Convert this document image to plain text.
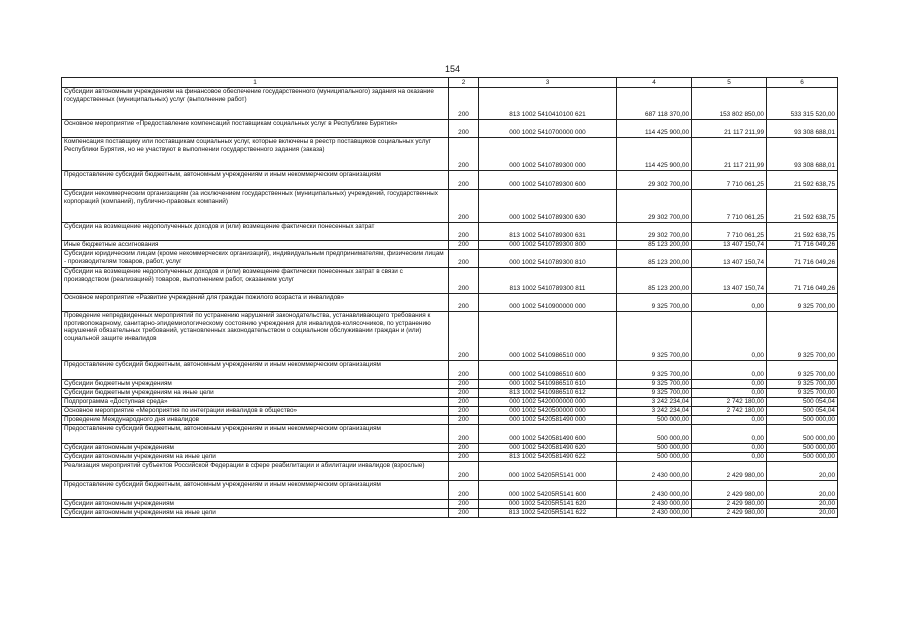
154
1	2	3	4	5	6
Субсидии автономным учреждениям на финансовое обеспечение государственного (муниципального) задания на оказание государственных (муниципальных) услуг (выполнение работ)	200	813 1002 5410410100 621	687 118 370,00	153 802 850,00	533 315 520,00
Основное мероприятие «Предоставление компенсаций поставщикам социальных услуг в Республике Бурятия»	200	000 1002 5410700000 000	114 425 900,00	21 117 211,99	93 308 688,01
Компенсация поставщику или поставщикам социальных услуг, которые включены в реестр поставщиков социальных услуг Республики Бурятия, но не участвуют в выполнении государственного задания (заказа)	200	000 1002 5410789300 000	114 425 900,00	21 117 211,99	93 308 688,01
Предоставление субсидий бюджетным, автономным учреждениям и иным некоммерческим организациям	200	000 1002 5410789300 600	29 302 700,00	7 710 061,25	21 592 638,75
Субсидии некоммерческим организациям (за исключением государственных (муниципальных) учреждений, государственных корпораций (компаний), публично-правовых компаний)	200	000 1002 5410789300 630	29 302 700,00	7 710 061,25	21 592 638,75
Субсидии на возмещение недополученных доходов и (или) возмещение фактически понесенных затрат	200	813 1002 5410789300 631	29 302 700,00	7 710 061,25	21 592 638,75
Иные бюджетные ассигнования	200	000 1002 5410789300 800	85 123 200,00	13 407 150,74	71 716 049,26
Субсидии юридическим лицам (кроме некоммерческих организаций), индивидуальным предпринимателям, физическим лицам - производителям товаров, работ, услуг	200	000 1002 5410789300 810	85 123 200,00	13 407 150,74	71 716 049,26
Субсидии на возмещение недополученных доходов и (или) возмещение фактически понесенных затрат в связи с производством (реализацией) товаров, выполнением работ, оказанием услуг	200	813 1002 5410789300 811	85 123 200,00	13 407 150,74	71 716 049,26
Основное мероприятие «Развитие учреждений для граждан пожилого возраста и инвалидов»	200	000 1002 5410900000 000	9 325 700,00	0,00	9 325 700,00
Проведение непредвиденных мероприятий по устранению нарушений законодательства, устанавливающего требования к противопожарному, санитарно-эпидемиологическому состоянию учреждения для инвалидов-колясочников, по устранению нарушений обязательных требований, установленных законодательством о социальном обслуживании граждан и (или) социальной защите инвалидов	200	000 1002 5410986510 000	9 325 700,00	0,00	9 325 700,00
Предоставление субсидий бюджетным, автономным учреждениям и иным некоммерческим организациям	200	000 1002 5410986510 600	9 325 700,00	0,00	9 325 700,00
Субсидии бюджетным учреждениям	200	000 1002 5410986510 610	9 325 700,00	0,00	9 325 700,00
Субсидии бюджетным учреждениям на иные цели	200	813 1002 5410986510 612	9 325 700,00	0,00	9 325 700,00
Подпрограмма «Доступная среда»	200	000 1002 5420000000 000	3 242 234,04	2 742 180,00	500 054,04
Основное мероприятие «Мероприятия по интеграции инвалидов в общество»	200	000 1002 5420500000 000	3 242 234,04	2 742 180,00	500 054,04
Проведение Международного дня инвалидов	200	000 1002 5420581490 000	500 000,00	0,00	500 000,00
Предоставление субсидий бюджетным, автономным учреждениям и иным некоммерческим организациям	200	000 1002 5420581490 600	500 000,00	0,00	500 000,00
Субсидии автономным учреждениям	200	000 1002 5420581490 620	500 000,00	0,00	500 000,00
Субсидии автономным учреждениям на иные цели	200	813 1002 5420581490 622	500 000,00	0,00	500 000,00
Реализация мероприятий субъектов Российской Федерации в сфере реабилитации и абилитации инвалидов (взрослые)	200	000 1002 54205R5141 000	2 430 000,00	2 429 980,00	20,00
Предоставление субсидий бюджетным, автономным учреждениям и иным некоммерческим организациям	200	000 1002 54205R5141 600	2 430 000,00	2 429 980,00	20,00
Субсидии автономным учреждениям	200	000 1002 54205R5141 620	2 430 000,00	2 429 980,00	20,00
Субсидии автономным учреждениям на иные цели	200	813 1002 54205R5141 622	2 430 000,00	2 429 980,00	20,00
